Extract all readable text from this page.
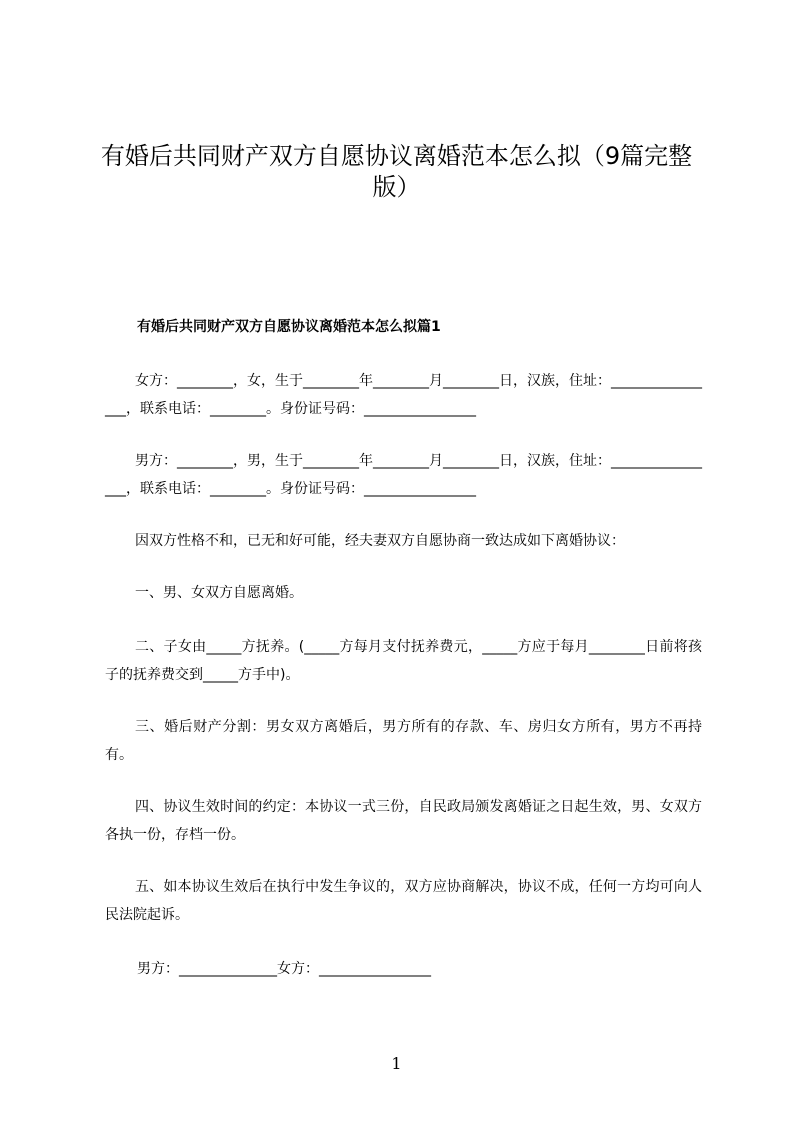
有婚后共同财产双方自愿协议离婚范本怎么拟（9篇完整版）
有婚后共同财产双方自愿协议离婚范本怎么拟篇1
女方：________，女，生于________年________月________日，汉族，住址：________________，联系电话：________。身份证号码：________________
男方：________，男，生于________年________月________日，汉族，住址：________________，联系电话：________。身份证号码：________________
因双方性格不和，已无和好可能，经夫妻双方自愿协商一致达成如下离婚协议：
一、男、女双方自愿离婚。
二、子女由_____方抚养。(_____方每月支付抚养费元，_____方应于每月________日前将孩子的抚养费交到_____方手中)。
三、婚后财产分割：男女双方离婚后，男方所有的存款、车、房归女方所有，男方不再持有。
四、协议生效时间的约定：本协议一式三份，自民政局颁发离婚证之日起生效，男、女双方各执一份，存档一份。
五、如本协议生效后在执行中发生争议的，双方应协商解决，协议不成，任何一方均可向人民法院起诉。
男方：______________女方：________________
1
